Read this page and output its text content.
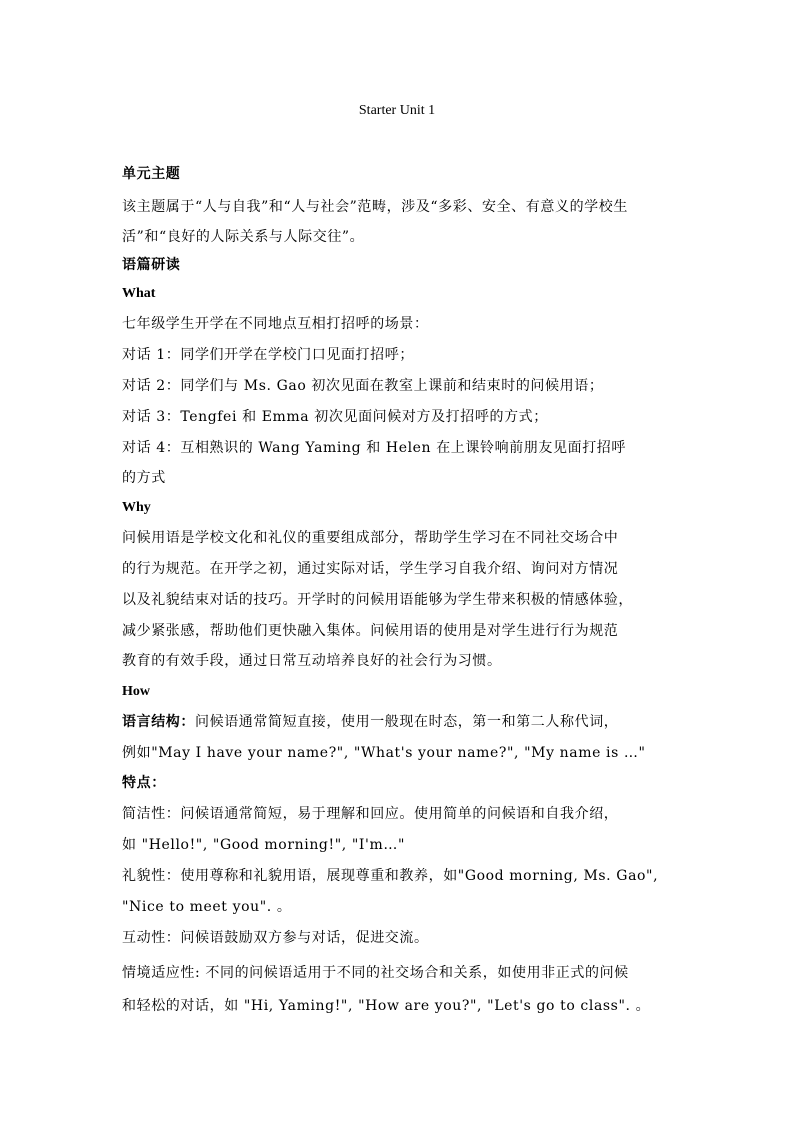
Starter Unit 1
单元主题
该主题属于“人与自我”和“人与社会”范畴，涉及“多彩、安全、有意义的学校生
活”和“良好的人际关系与人际交往”。
语篇研读
What
七年级学生开学在不同地点互相打招呼的场景：
对话 1：同学们开学在学校门口见面打招呼；
对话 2：同学们与 Ms. Gao 初次见面在教室上课前和结束时的问候用语；
对话 3：Tengfei 和 Emma 初次见面问候对方及打招呼的方式；
对话 4：互相熟识的 Wang Yaming 和 Helen 在上课铃响前朋友见面打招呼
的方式
Why
问候用语是学校文化和礼仪的重要组成部分，帮助学生学习在不同社交场合中
的行为规范。在开学之初，通过实际对话，学生学习自我介绍、询问对方情况
以及礼貌结束对话的技巧。开学时的问候用语能够为学生带来积极的情感体验，
减少紧张感，帮助他们更快融入集体。问候用语的使用是对学生进行行为规范
教育的有效手段，通过日常互动培养良好的社会行为习惯。
How
语言结构：问候语通常简短直接，使用一般现在时态，第一和第二人称代词，
例如"May I have your name?", "What's your name?", "My name is …"
特点：
简洁性：问候语通常简短，易于理解和回应。使用简单的问候语和自我介绍，
如 "Hello!", "Good morning!", "I'm…"
礼貌性：使用尊称和礼貌用语，展现尊重和教养，如"Good morning, Ms. Gao",
"Nice to meet you". 。
互动性：问候语鼓励双方参与对话，促进交流。
情境适应性: 不同的问候语适用于不同的社交场合和关系，如使用非正式的问候
和轻松的对话，如 "Hi, Yaming!", "How are you?", "Let's go to class". 。
